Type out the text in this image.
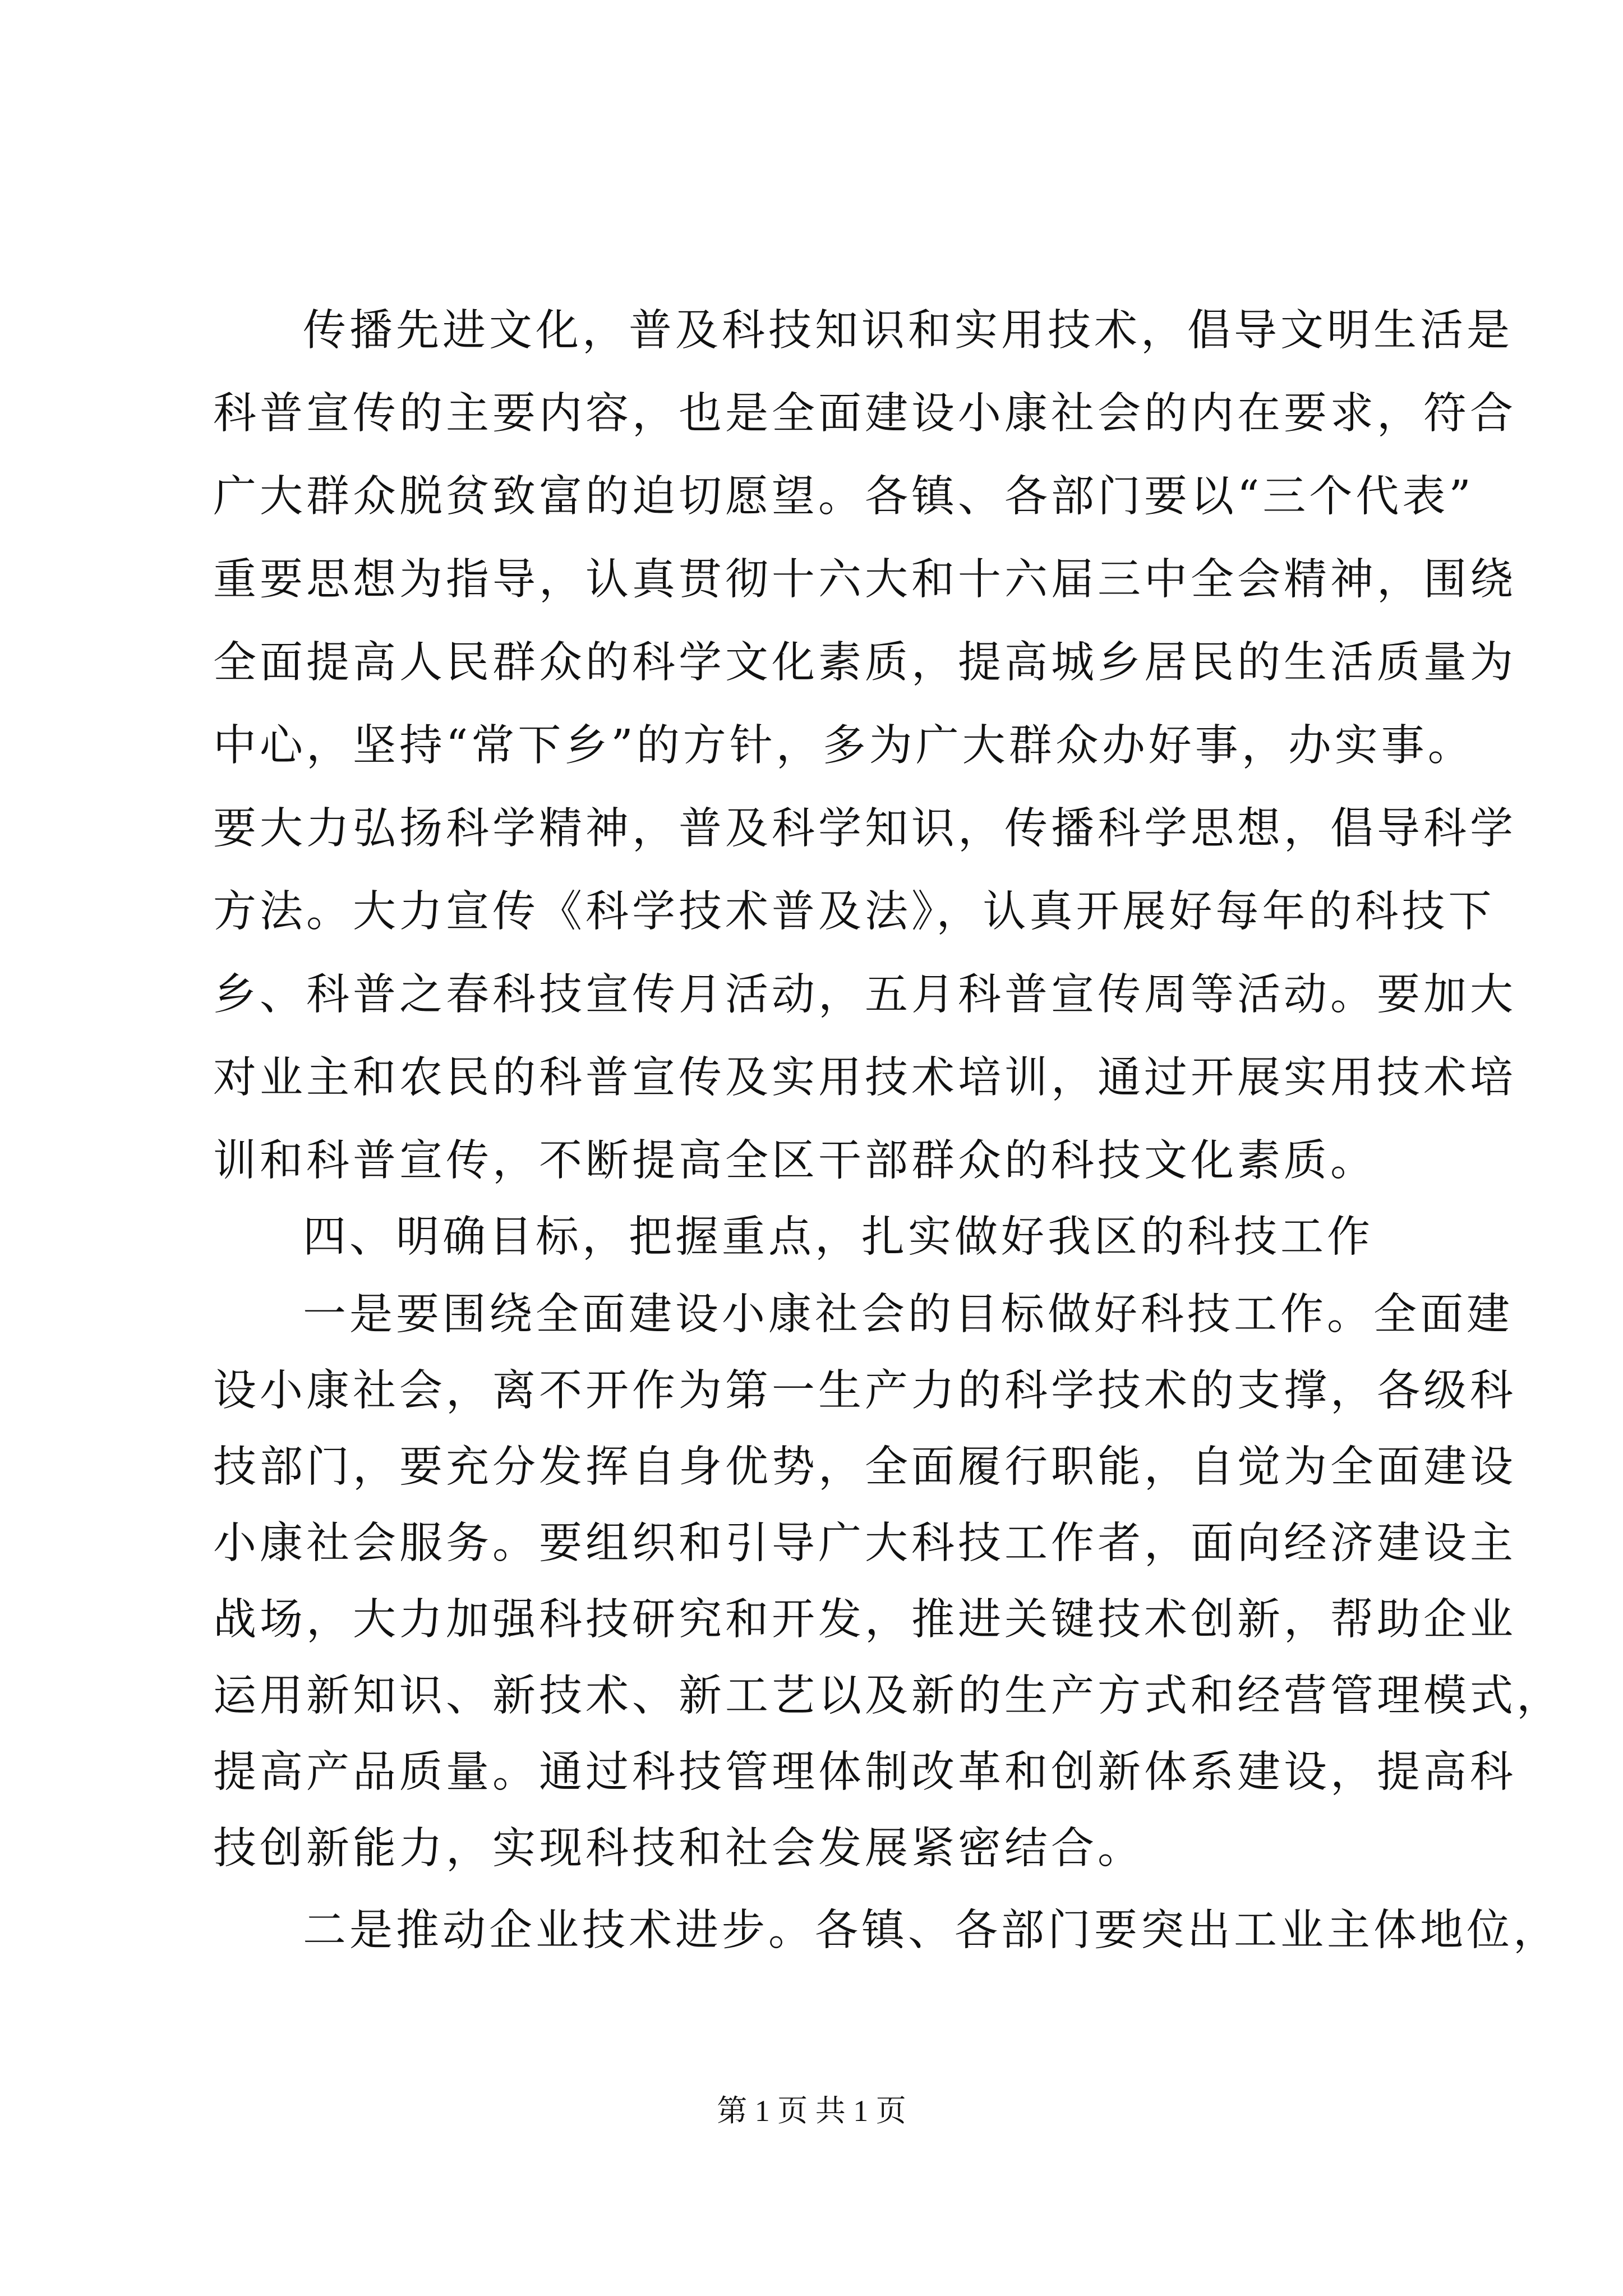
传播先进文化，普及科技知识和实用技术，倡导文明生活是
科普宣传的主要内容，也是全面建设小康社会的内在要求，符合
广大群众脱贫致富的迫切愿望。各镇、各部门要以“三个代表”
重要思想为指导，认真贯彻十六大和十六届三中全会精神，围绕
全面提高人民群众的科学文化素质，提高城乡居民的生活质量为
中心，坚持“常下乡”的方针，多为广大群众办好事，办实事。
要大力弘扬科学精神，普及科学知识，传播科学思想，倡导科学
方法。大力宣传《科学技术普及法》，认真开展好每年的科技下
乡、科普之春科技宣传月活动，五月科普宣传周等活动。要加大
对业主和农民的科普宣传及实用技术培训，通过开展实用技术培
训和科普宣传，不断提高全区干部群众的科技文化素质。
四、明确目标，把握重点，扎实做好我区的科技工作
一是要围绕全面建设小康社会的目标做好科技工作。全面建
设小康社会，离不开作为第一生产力的科学技术的支撑，各级科
技部门，要充分发挥自身优势，全面履行职能，自觉为全面建设
小康社会服务。要组织和引导广大科技工作者，面向经济建设主
战场，大力加强科技研究和开发，推进关键技术创新，帮助企业
运用新知识、新技术、新工艺以及新的生产方式和经营管理模式，
提高产品质量。通过科技管理体制改革和创新体系建设，提高科
技创新能力，实现科技和社会发展紧密结合。
二是推动企业技术进步。各镇、各部门要突出工业主体地位，
第 1 页 共 1 页
